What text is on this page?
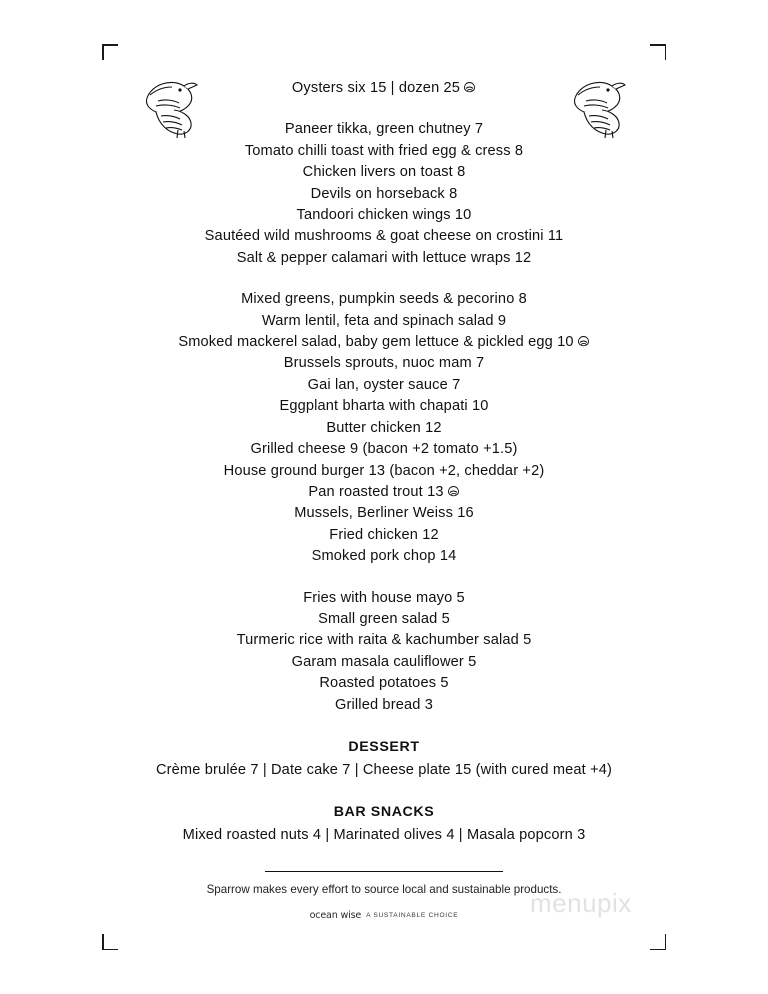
Oysters six 15 | dozen 25
Paneer tikka, green chutney 7
Tomato chilli toast with fried egg & cress 8
Chicken livers on toast 8
Devils on horseback 8
Tandoori chicken wings 10
Sautéed wild mushrooms & goat cheese on crostini 11
Salt & pepper calamari with lettuce wraps 12
Mixed greens, pumpkin seeds & pecorino 8
Warm lentil, feta and spinach salad 9
Smoked mackerel salad, baby gem lettuce & pickled egg 10
Brussels sprouts, nuoc mam 7
Gai lan, oyster sauce 7
Eggplant bharta with chapati 10
Butter chicken 12
Grilled cheese 9 (bacon +2 tomato +1.5)
House ground burger 13 (bacon +2, cheddar +2)
Pan roasted trout 13
Mussels, Berliner Weiss 16
Fried chicken 12
Smoked pork chop 14
Fries with house mayo 5
Small green salad 5
Turmeric rice with raita & kachumber salad 5
Garam masala cauliflower 5
Roasted potatoes 5
Grilled bread 3
DESSERT
Crème brulée 7 | Date cake 7 | Cheese plate 15 (with cured meat +4)
BAR SNACKS
Mixed roasted nuts 4 | Marinated olives 4 | Masala popcorn 3
Sparrow makes every effort to source local and sustainable products.
ocean wise A SUSTAINABLE CHOICE	menupix
